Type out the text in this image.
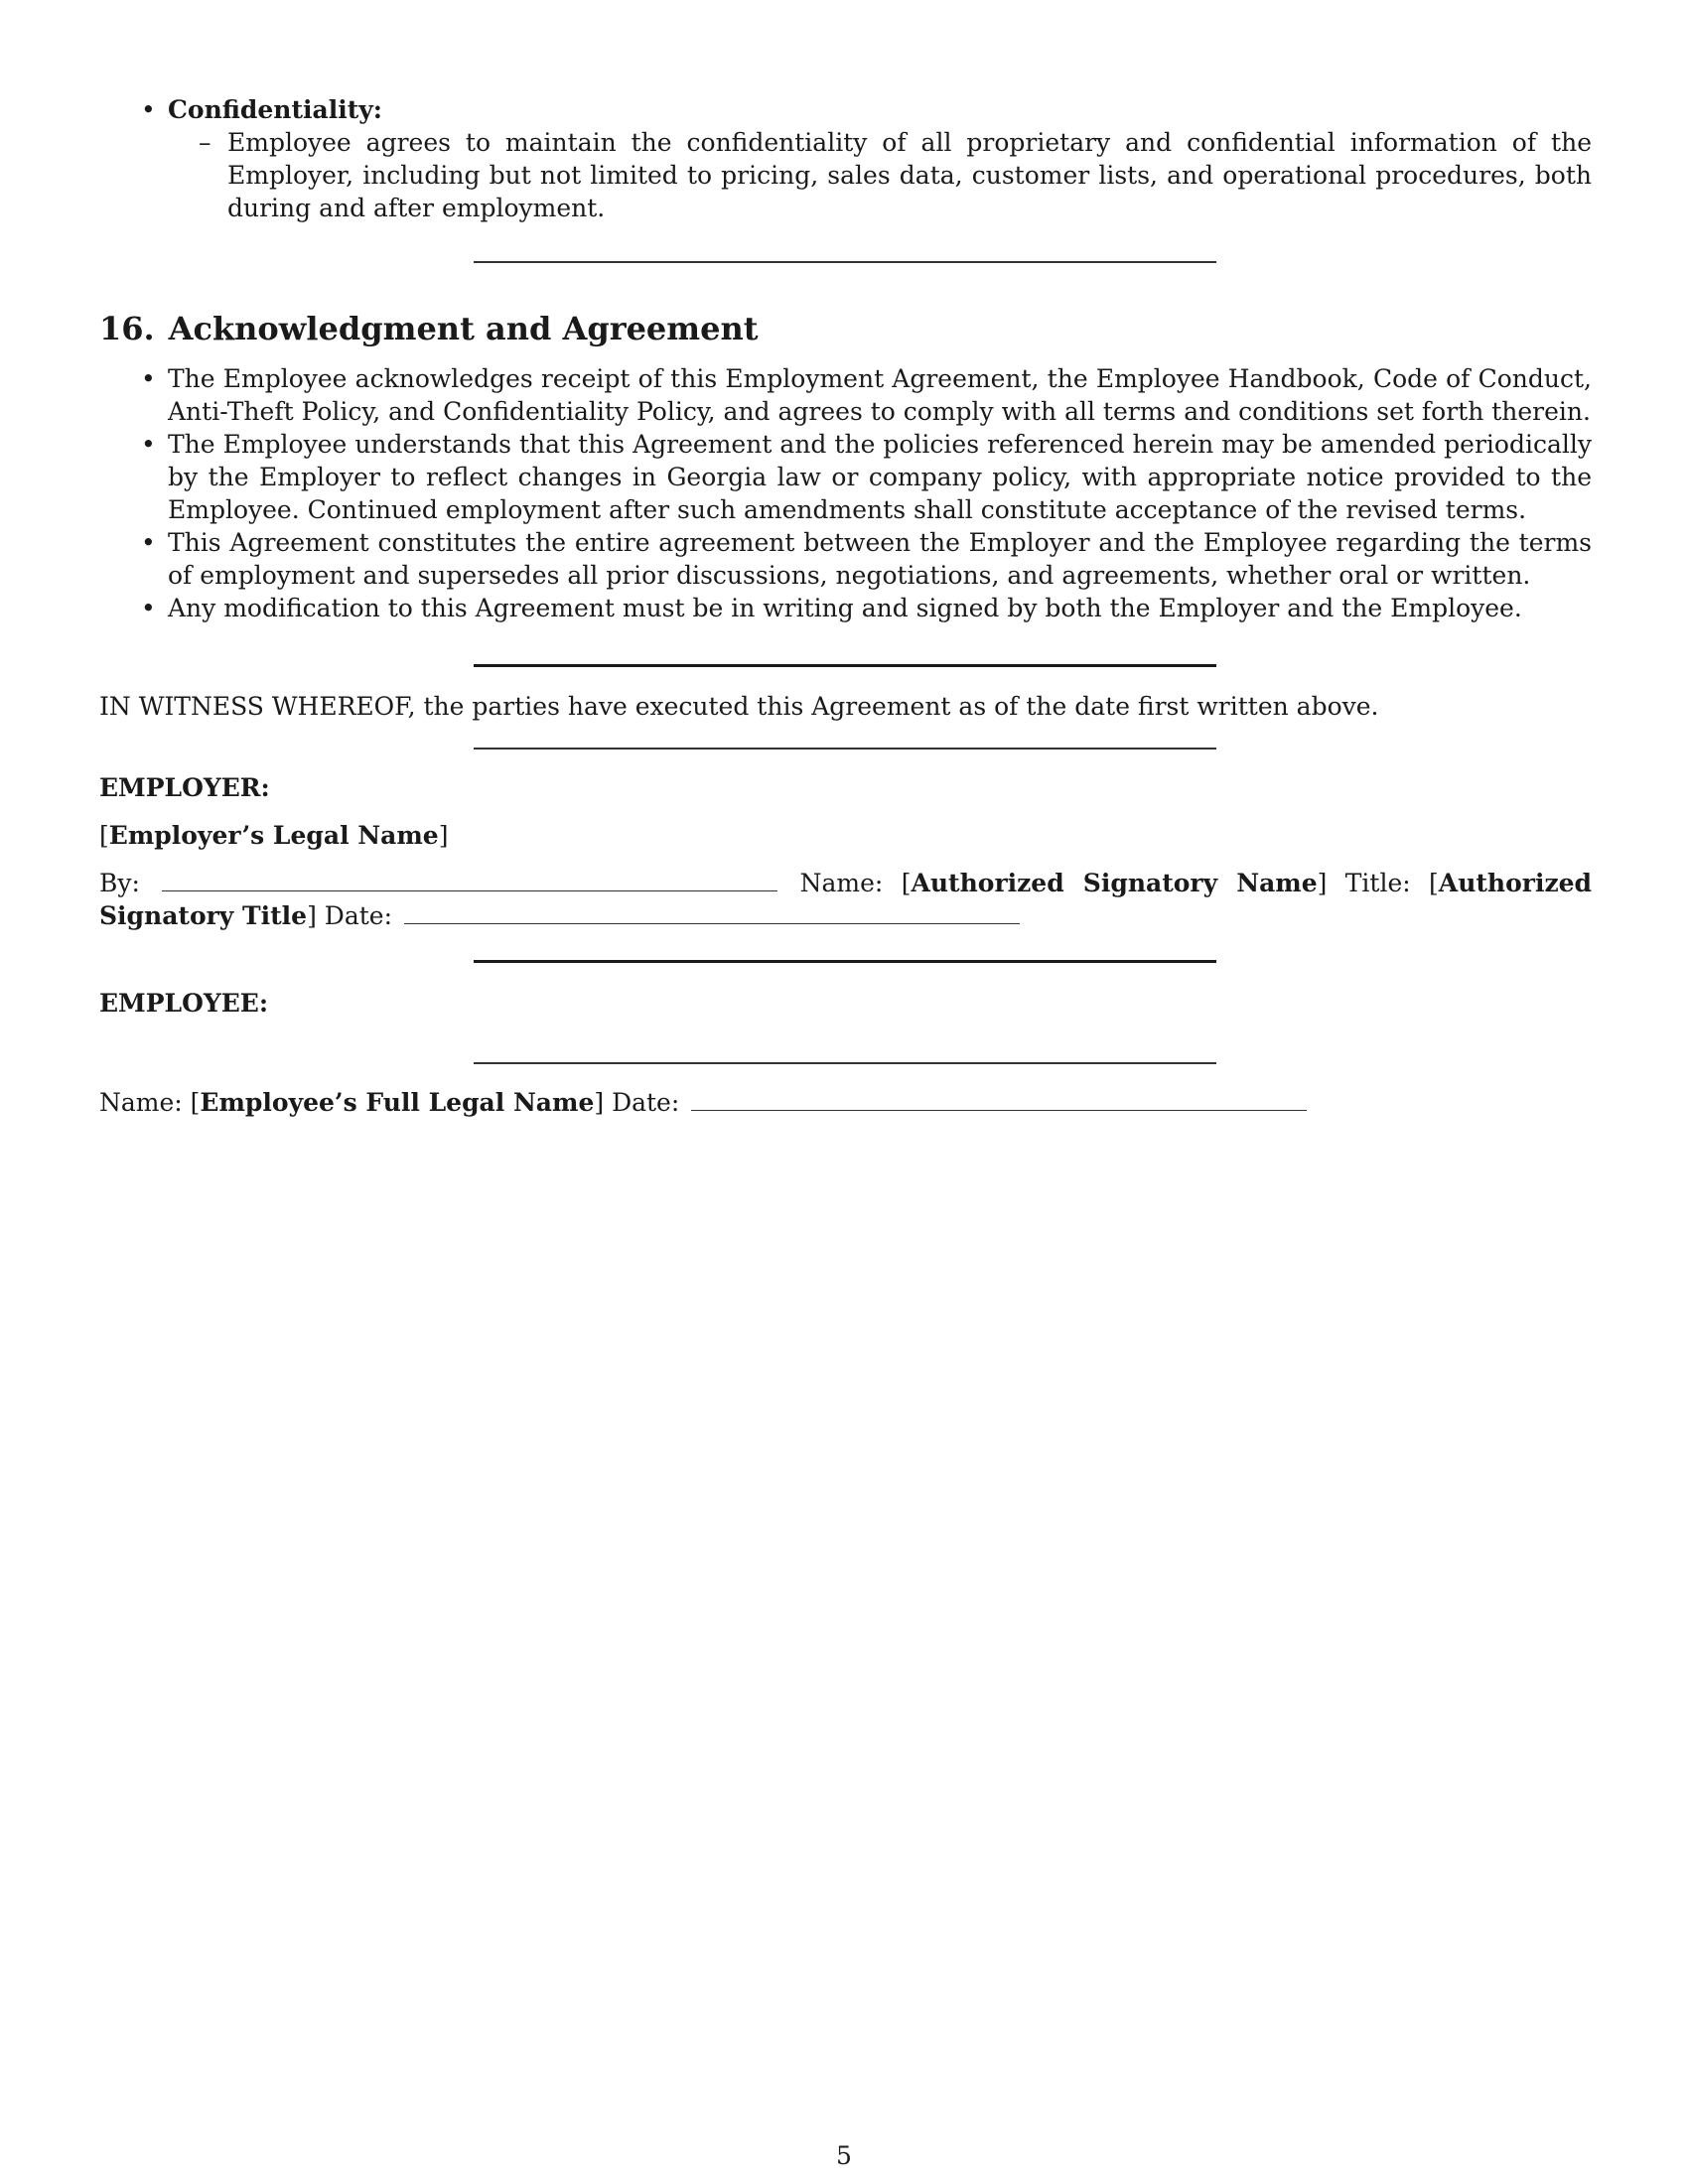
• Confidentiality:
– Employee agrees to maintain the confidentiality of all proprietary and confidential information of the Employer, including but not limited to pricing, sales data, customer lists, and operational procedures, both during and after employment.
16. Acknowledgment and Agreement
• The Employee acknowledges receipt of this Employment Agreement, the Employee Handbook, Code of Conduct, Anti-Theft Policy, and Confidentiality Policy, and agrees to comply with all terms and conditions set forth therein.
• The Employee understands that this Agreement and the policies referenced herein may be amended periodically by the Employer to reflect changes in Georgia law or company policy, with appropriate notice provided to the Employee. Continued employment after such amendments shall constitute acceptance of the revised terms.
• This Agreement constitutes the entire agreement between the Employer and the Employee regarding the terms of employment and supersedes all prior discussions, negotiations, and agreements, whether oral or written.
• Any modification to this Agreement must be in writing and signed by both the Employer and the Employee.

IN WITNESS WHEREOF, the parties have executed this Agreement as of the date first written above.

EMPLOYER:

[Employer’s Legal Name]

By:	Name: [Authorized Signatory Name] Title: [Authorized Signatory Title] Date:

EMPLOYEE:

Name: [Employee’s Full Legal Name] Date:

5
